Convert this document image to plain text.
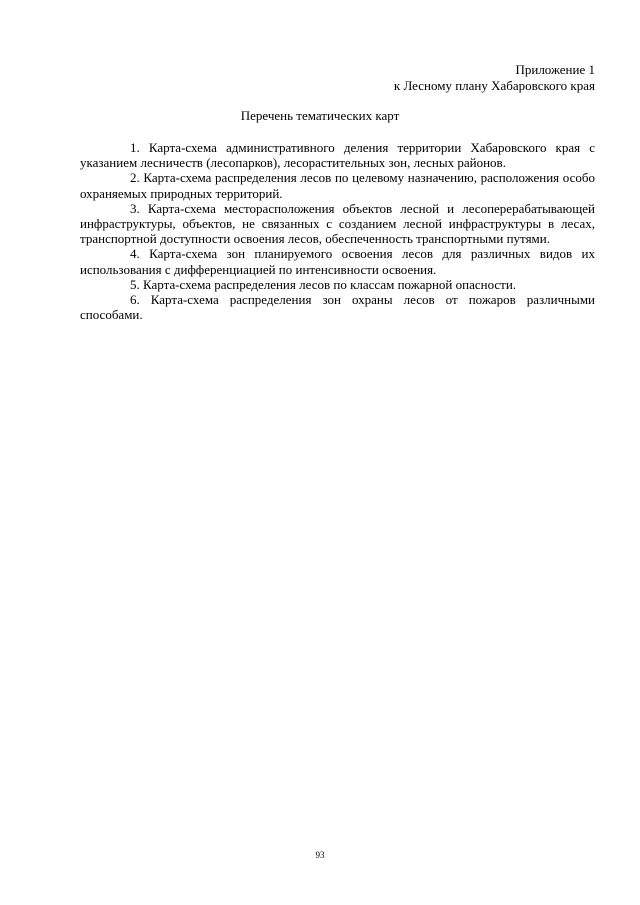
Приложение 1
к Лесному плану Хабаровского края
Перечень тематических карт

1. Карта-схема административного деления территории Хабаровского края с указанием лесничеств (лесопарков), лесорастительных зон, лесных районов.

2. Карта-схема распределения лесов по целевому назначению, расположения особо охраняемых природных территорий.

3. Карта-схема месторасположения объектов лесной и лесоперерабатывающей инфраструктуры, объектов, не связанных с созданием лесной инфраструктуры в лесах, транспортной доступности освоения лесов, обеспеченность транспортными путями.

4. Карта-схема зон планируемого освоения лесов для различных видов их использования с дифференциацией по интенсивности освоения.

5. Карта-схема распределения лесов по классам пожарной опасности.

6. Карта-схема распределения зон охраны лесов от пожаров различными способами.

93
